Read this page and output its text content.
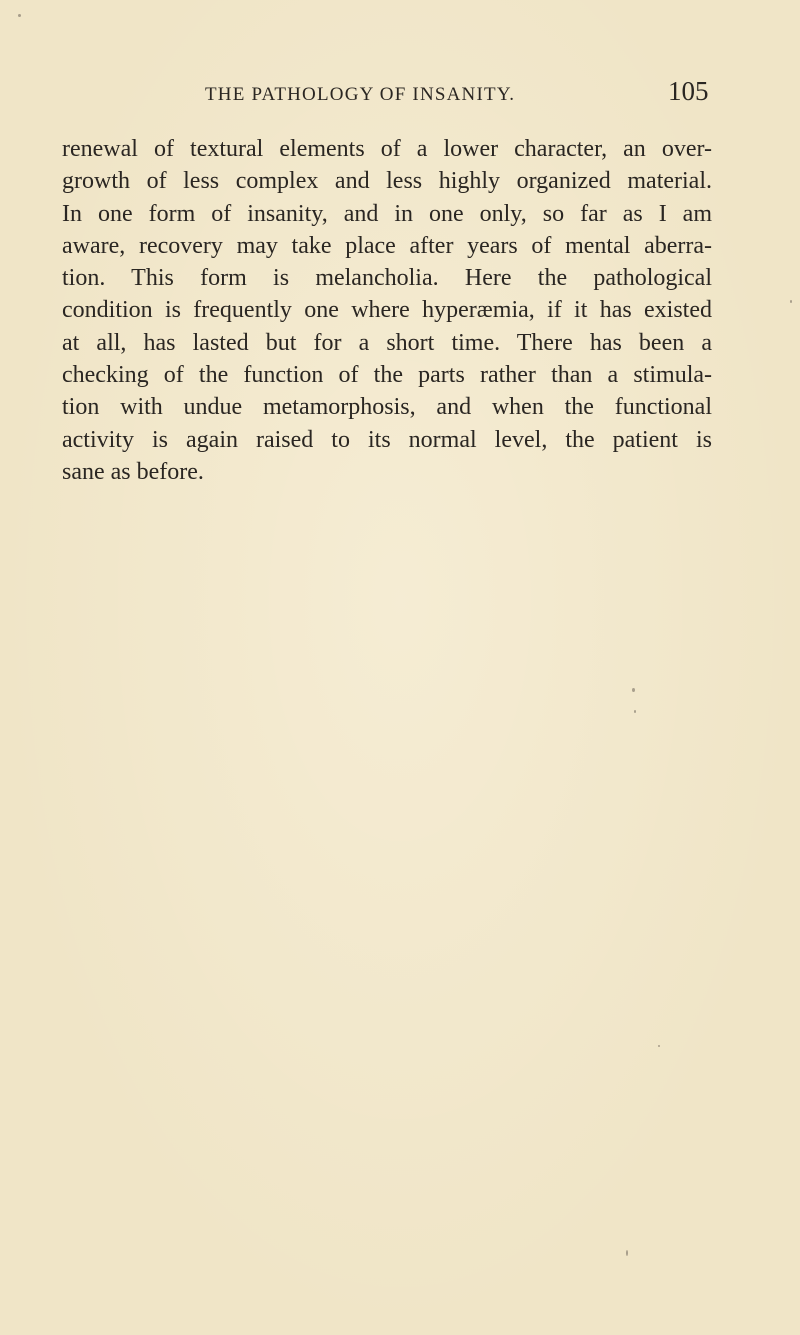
THE PATHOLOGY OF INSANITY.	105
renewal of textural elements of a lower character, an over-
growth of less complex and less highly organized material.
In one form of insanity, and in one only, so far as I am
aware, recovery may take place after years of mental aberra-
tion. This form is melancholia. Here the pathological
condition is frequently one where hyperæmia, if it has existed
at all, has lasted but for a short time. There has been a
checking of the function of the parts rather than a stimula-
tion with undue metamorphosis, and when the functional
activity is again raised to its normal level, the patient is
sane as before.
